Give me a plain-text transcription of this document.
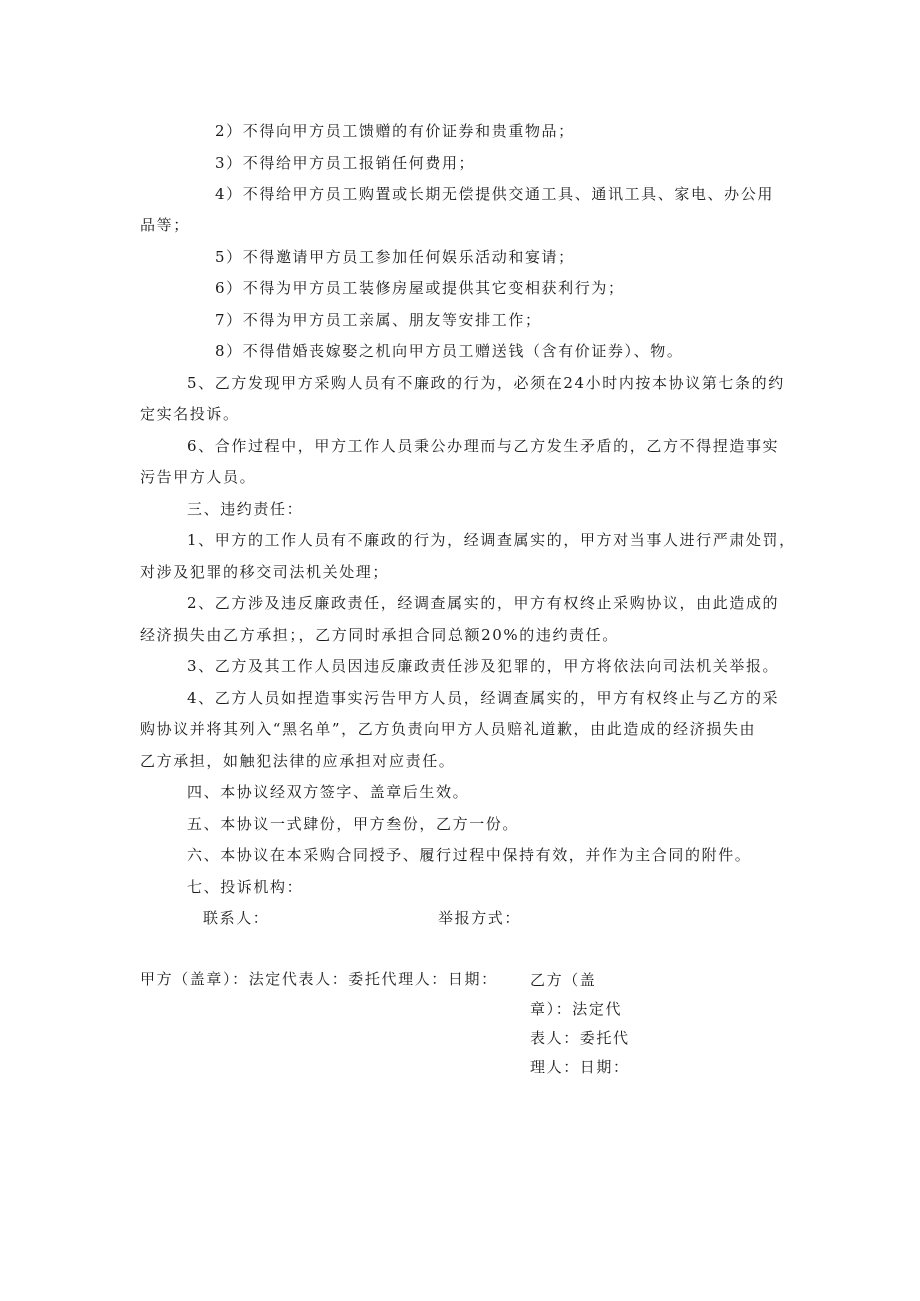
2）不得向甲方员工馈赠的有价证券和贵重物品；
3）不得给甲方员工报销任何费用；
4）不得给甲方员工购置或长期无偿提供交通工具、通讯工具、家电、办公用
品等；
5）不得邀请甲方员工参加任何娱乐活动和宴请；
6）不得为甲方员工装修房屋或提供其它变相获利行为；
7）不得为甲方员工亲属、朋友等安排工作；
8）不得借婚丧嫁娶之机向甲方员工赠送钱（含有价证券）、物。
5、乙方发现甲方采购人员有不廉政的行为，必须在24小时内按本协议第七条的约
定实名投诉。
6、合作过程中，甲方工作人员秉公办理而与乙方发生矛盾的，乙方不得捏造事实
污告甲方人员。
三、违约责任：
1、甲方的工作人员有不廉政的行为，经调查属实的，甲方对当事人进行严肃处罚，
对涉及犯罪的移交司法机关处理；
2、乙方涉及违反廉政责任，经调查属实的，甲方有权终止采购协议，由此造成的
经济损失由乙方承担；，乙方同时承担合同总额20%的违约责任。
3、乙方及其工作人员因违反廉政责任涉及犯罪的，甲方将依法向司法机关举报。
4、乙方人员如捏造事实污告甲方人员，经调查属实的，甲方有权终止与乙方的采
购协议并将其列入“黑名单”，乙方负责向甲方人员赔礼道歉，由此造成的经济损失由
乙方承担，如触犯法律的应承担对应责任。
四、本协议经双方签字、盖章后生效。
五、本协议一式肆份，甲方叁份，乙方一份。
六、本协议在本采购合同授予、履行过程中保持有效，并作为主合同的附件。
七、投诉机构：
联系人：	举报方式：
甲方（盖章）：法定代表人：委托代理人：日期： 乙方（盖
章）：法定代
表人：委托代
理人：日期：
